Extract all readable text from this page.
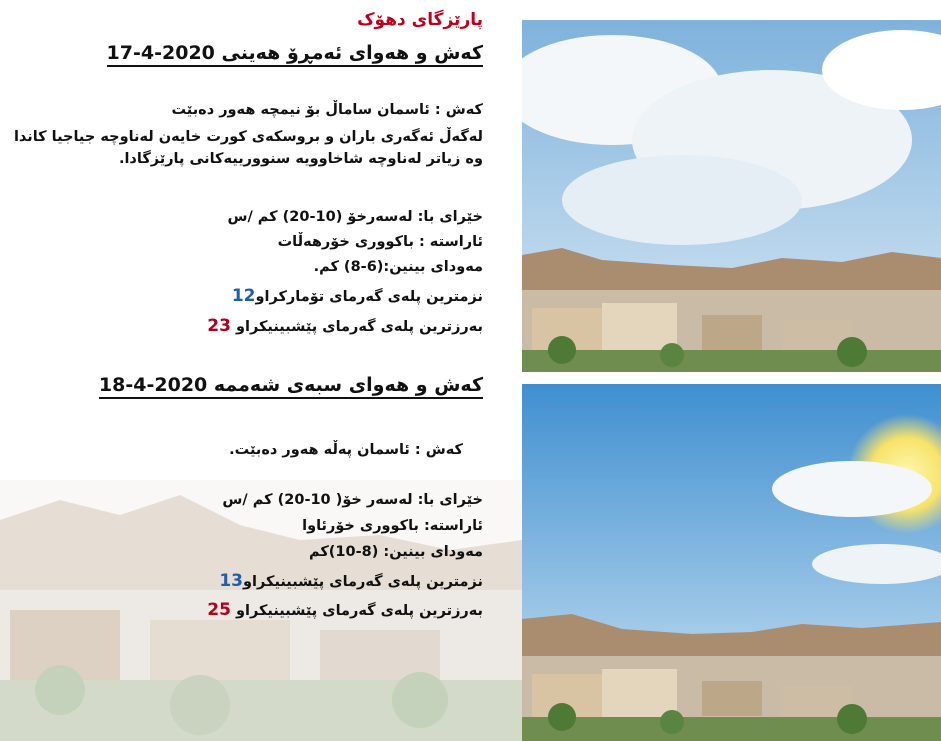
پارێزگای دهۆک
کەش و هەوای ئەمڕۆ هەینی 2020-4-17
کەش : ئاسمان ساماڵ بۆ نیمچه هەور دەبێت
لەگەڵ ئەگەری باران و بروسکەی کورت خایەن لەناوچە جیاجیا کاندا وە زیاتر لەناوچە شاخاوویە سنوورییەکانی پارێزگادا.
خێرای با: لەسەرخۆ (10-20) کم /س
ئاراستە : باکووری خۆرهەڵات
مەودای بینین:(6-8) کم.
نزمترین پلەی گەرمای تۆمارکراو12
بەرزترین پلەی گەرمای پێشبینیکراو 23
کەش و هەوای سبەی شەممە 2020-4-18
کەش : ئاسمان پەڵە هەور دەبێت.
خێرای با: لەسەر خۆ( 10-20) کم /س
ئاراستە: باکووری خۆرئاوا
مەودای بینین: (8-10)کم
نزمترین پلەی گەرمای پێشبینیکراو13
بەرزترین پلەی گەرمای پێشبینیکراو 25
